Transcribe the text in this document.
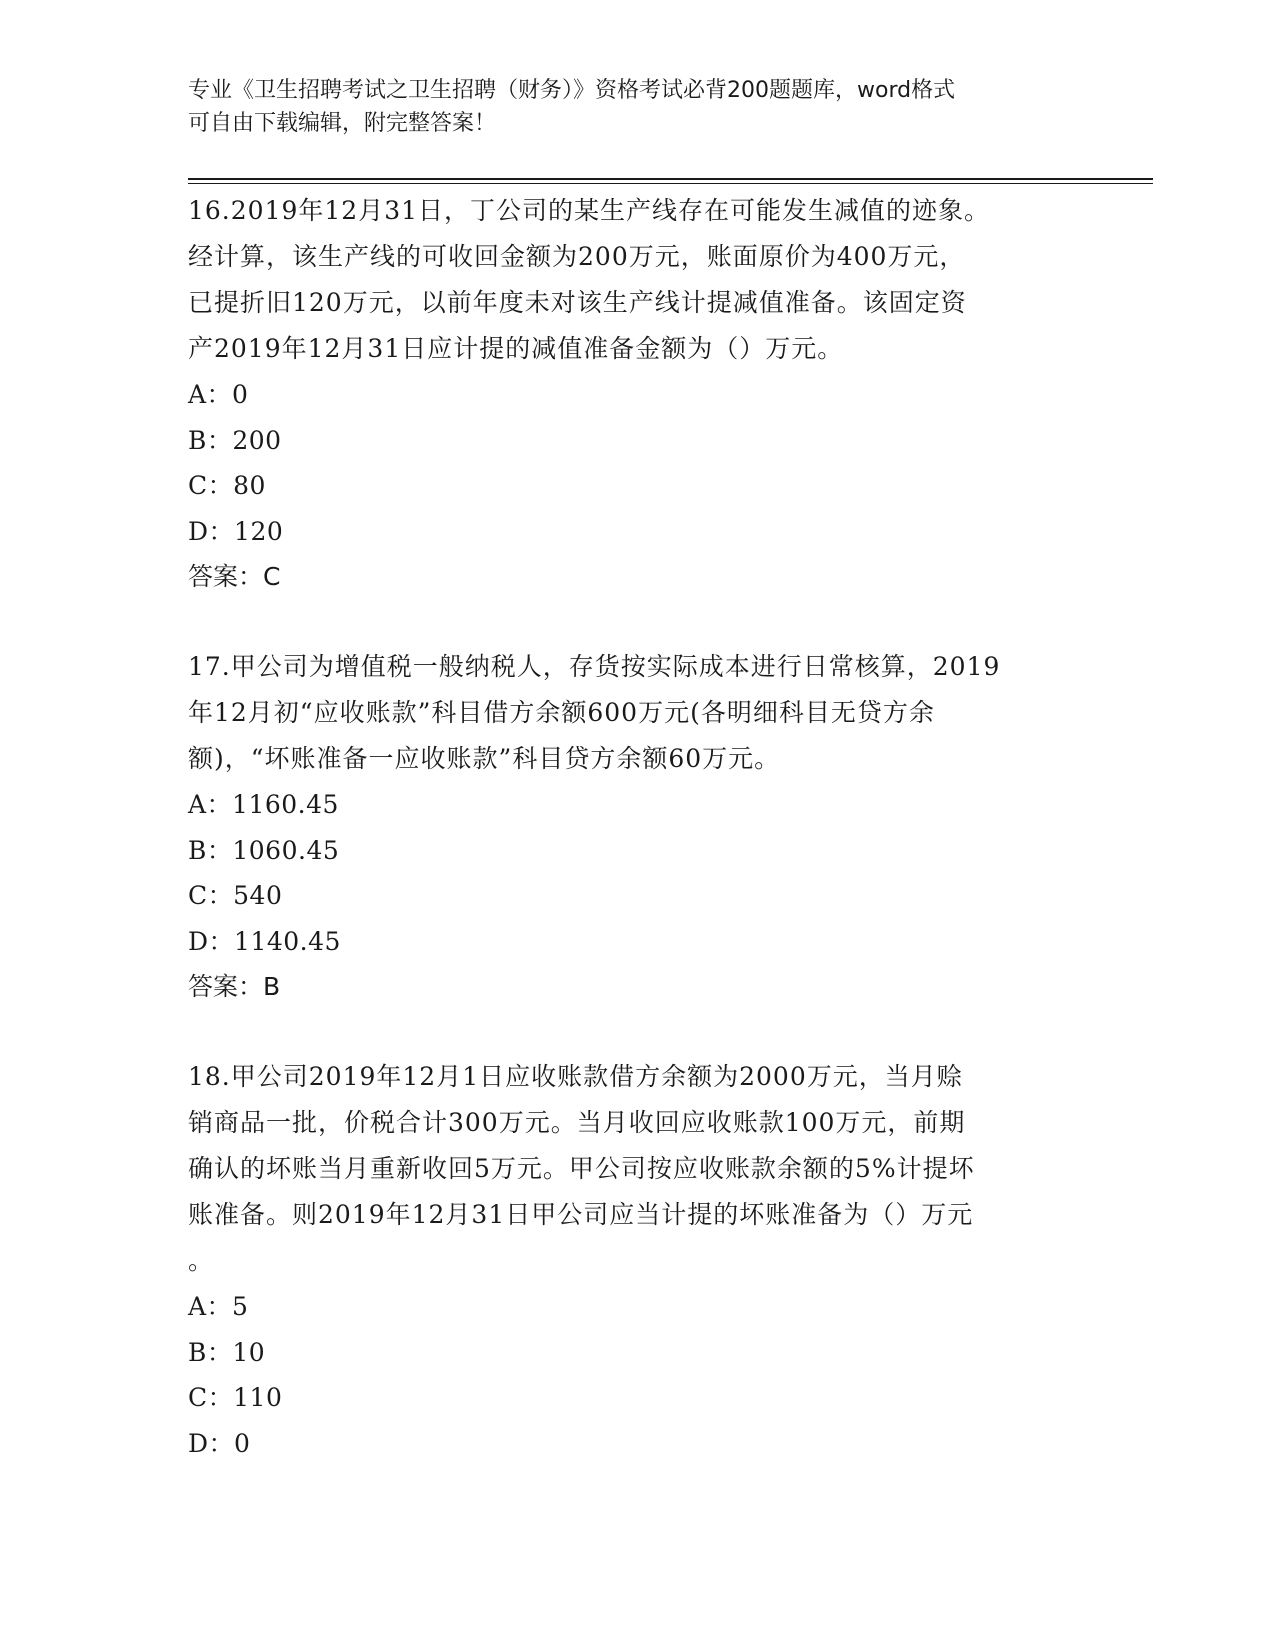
专业《卫生招聘考试之卫生招聘（财务）》资格考试必背200题题库，word格式
可自由下载编辑，附完整答案！

16.2019年12月31日，丁公司的某生产线存在可能发生减值的迹象。

经计算，该生产线的可收回金额为200万元，账面原价为400万元，

已提折旧120万元，以前年度未对该生产线计提减值准备。该固定资

产2019年12月31日应计提的减值准备金额为（）万元。

A：0

B：200

C：80

D：120

答案：C

17.甲公司为增值税一般纳税人，存货按实际成本进行日常核算，2019

年12月初“应收账款”科目借方余额600万元(各明细科目无贷方余

额)，“坏账准备一应收账款”科目贷方余额60万元。

A：1160.45

B：1060.45

C：540

D：1140.45

答案：B

18.甲公司2019年12月1日应收账款借方余额为2000万元，当月赊

销商品一批，价税合计300万元。当月收回应收账款100万元，前期

确认的坏账当月重新收回5万元。甲公司按应收账款余额的5%计提坏

账准备。则2019年12月31日甲公司应当计提的坏账准备为（）万元

。

A：5

B：10

C：110

D：0
